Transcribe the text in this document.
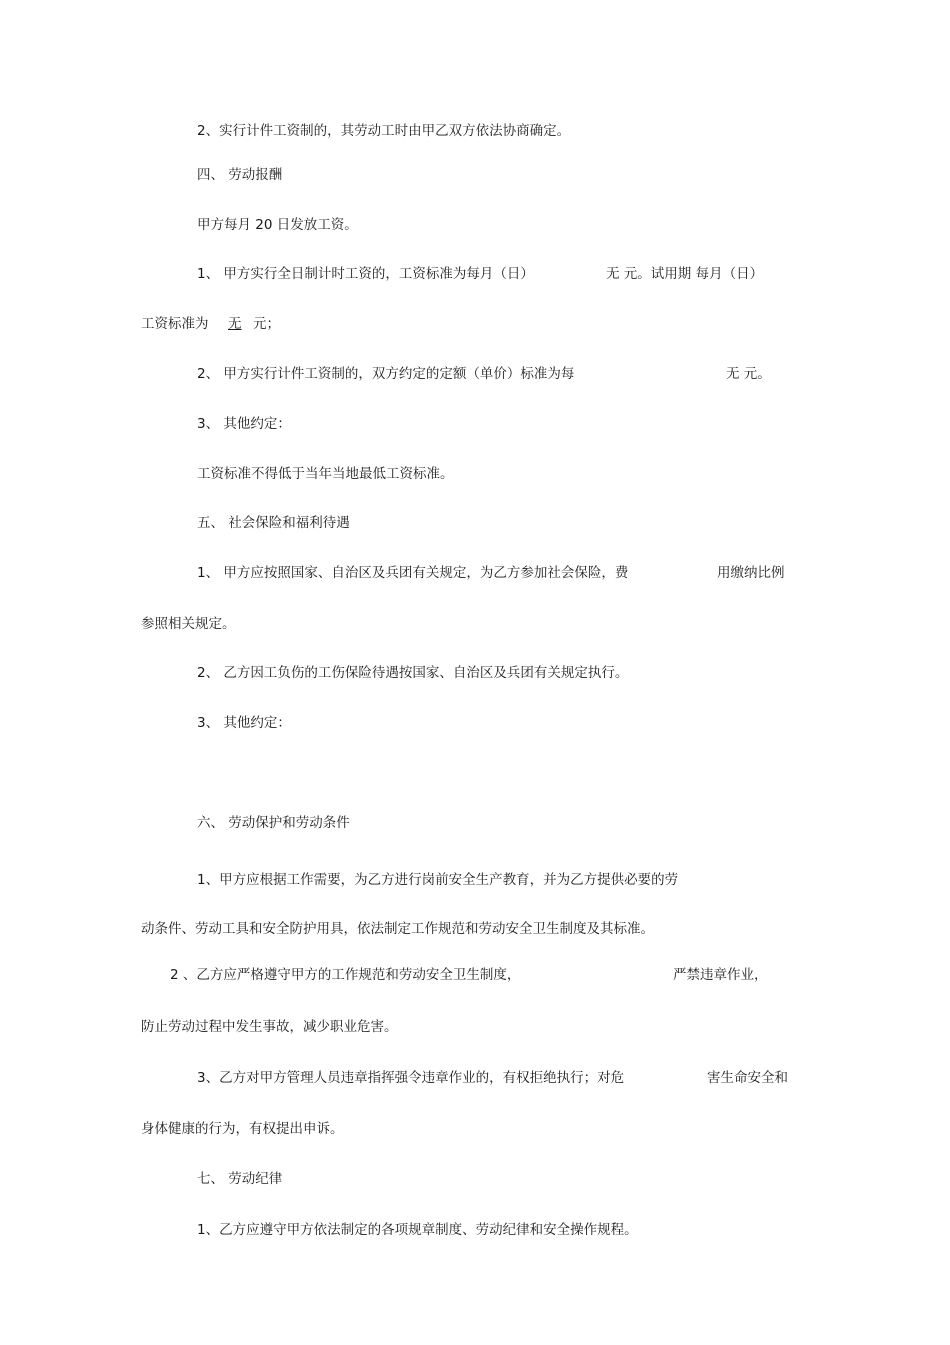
2、实行计件工资制的，其劳动工时由甲乙双方依法协商确定。
四、 劳动报酬
甲方每月 20 日发放工资。
1、 甲方实行全日制计时工资的，工资标准为每月（日）	无 元。试用期 每月（日）
工资标准为 无 元；
2、 甲方实行计件工资制的，双方约定的定额（单价）标准为每	无 元。
3、 其他约定：
工资标准不得低于当年当地最低工资标准。
五、 社会保险和福利待遇
1、 甲方应按照国家、自治区及兵团有关规定，为乙方参加社会保险，费	用缴纳比例
参照相关规定。
2、 乙方因工负伤的工伤保险待遇按国家、自治区及兵团有关规定执行。
3、 其他约定：
六、 劳动保护和劳动条件
1、甲方应根据工作需要，为乙方进行岗前安全生产教育，并为乙方提供必要的劳
动条件、劳动工具和安全防护用具，依法制定工作规范和劳动安全卫生制度及其标准。
2 、乙方应严格遵守甲方的工作规范和劳动安全卫生制度，	严禁违章作业，
防止劳动过程中发生事故，减少职业危害。
3、乙方对甲方管理人员违章指挥强令违章作业的，有权拒绝执行；对危	害生命安全和
身体健康的行为，有权提出申诉。
七、 劳动纪律
1、乙方应遵守甲方依法制定的各项规章制度、劳动纪律和安全操作规程。
